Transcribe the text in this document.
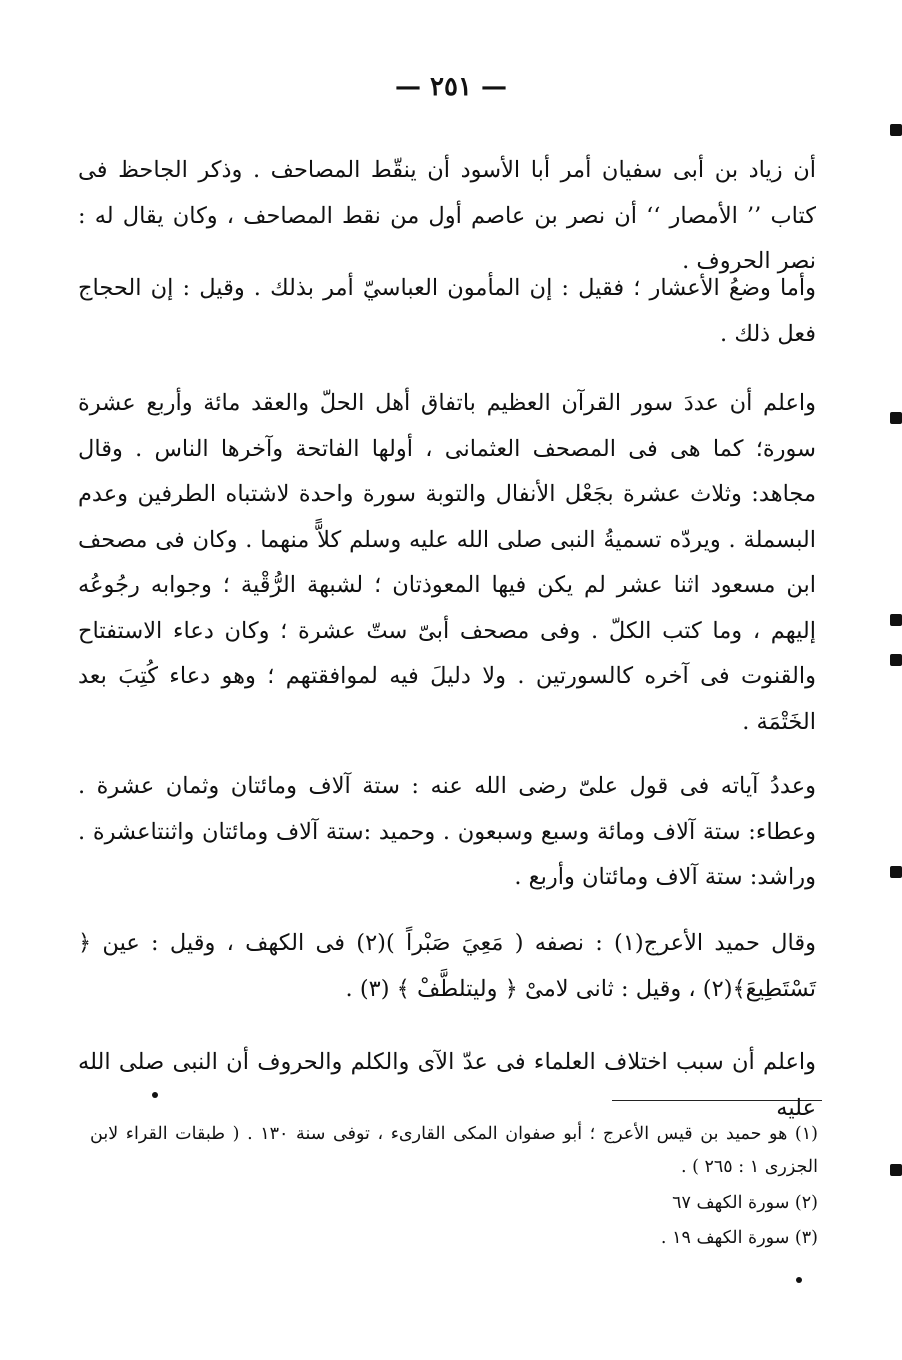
— ٢٥١ —

أن زياد بن أبى سفيان أمر أبا الأسود أن ينقّط المصاحف . وذكر الجاحظ فى كتاب ’’ الأمصار ‘‘ أن نصر بن عاصم أول من نقط المصاحف ، وكان يقال له : نصر الحروف .

وأما وضعُ الأعشار ؛ فقيل : إن المأمون العباسيّ أمر بذلك . وقيل : إن الحجاج فعل ذلك .

واعلم أن عددَ سور القرآن العظيم باتفاق أهل الحلّ والعقد مائة وأربع عشرة سورة؛ كما هى فى المصحف العثمانى ، أولها الفاتحة وآخرها الناس . وقال مجاهد: وثلاث عشرة بجَعْل الأنفال والتوبة سورة واحدة لاشتباه الطرفين وعدم البسملة . ويردّه تسميةُ النبى صلى الله عليه وسلم كلاًّ منهما . وكان فى مصحف ابن مسعود اثنا عشر لم يكن فيها المعوذتان ؛ لشبهة الرُّقْية ؛ وجوابه رجُوعُه إليهم ، وما كتب الكلّ . وفى مصحف أبىّ ستّ عشرة ؛ وكان دعاء الاستفتاح والقنوت فى آخره كالسورتين . ولا دليلَ فيه لموافقتهم ؛ وهو دعاء كُتِبَ بعد الخَتْمَة .

وعددُ آياته فى قول علىّ رضى الله عنه : ستة آلاف ومائتان وثمان عشرة . وعطاء: ستة آلاف ومائة وسبع وسبعون . وحميد :ستة آلاف ومائتان واثنتاعشرة . وراشد: ستة آلاف ومائتان وأربع .

وقال حميد الأعرج(١) : نصفه ( مَعِيَ صَبْراً )(٢) فى الكهف ، وقيل : عين ﴿ تَسْتَطِيعَ﴾(٢) ، وقيل : ثانى لامىْ ﴿ وليتلطَّفْ ﴾ (٣) .

واعلم أن سبب اختلاف العلماء فى عدّ الآى والكلم والحروف أن النبى صلى الله عليه

(١) هو حميد بن قيس الأعرج ؛ أبو صفوان المكى القارىء ، توفى سنة ١٣٠ . ( طبقات القراء لابن الجزرى ١ : ٢٦٥ ) .

(٢) سورة الكهف ٦٧

(٣) سورة الكهف ١٩ .
